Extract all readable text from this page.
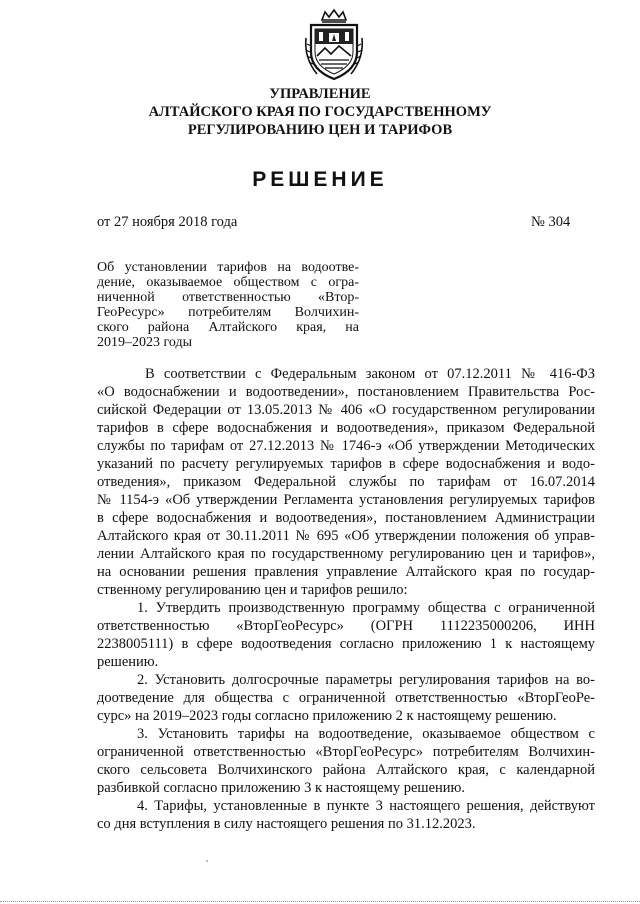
УПРАВЛЕНИЕ
АЛТАЙСКОГО КРАЯ ПО ГОСУДАРСТВЕННОМУ
РЕГУЛИРОВАНИЮ ЦЕН И ТАРИФОВ
РЕШЕНИЕ
от 27 ноября 2018 года	№ 304
Об установлении тарифов на водоотве-
дение, оказываемое обществом с огра-
ниченной ответственностью «Втор-
ГеоРесурс» потребителям Волчихин-
ского района Алтайского края, на
2019–2023 годы
В соответствии с Федеральным законом от 07.12.2011 № 416-ФЗ
«О водоснабжении и водоотведении», постановлением Правительства Рос-
сийской Федерации от 13.05.2013 № 406 «О государственном регулировании
тарифов в сфере водоснабжения и водоотведения», приказом Федеральной
службы по тарифам от 27.12.2013 № 1746-э «Об утверждении Методических
указаний по расчету регулируемых тарифов в сфере водоснабжения и водо-
отведения», приказом Федеральной службы по тарифам от 16.07.2014
№ 1154-э «Об утверждении Регламента установления регулируемых тарифов
в сфере водоснабжения и водоотведения», постановлением Администрации
Алтайского края от 30.11.2011 № 695 «Об утверждении положения об управ-
лении Алтайского края по государственному регулированию цен и тарифов»,
на основании решения правления управление Алтайского края по государ-
ственному регулированию цен и тарифов решило:
1. Утвердить производственную программу общества с ограниченной
ответственностью «ВторГеоРесурс» (ОГРН 1112235000206, ИНН
2238005111) в сфере водоотведения согласно приложению 1 к настоящему
решению.
2. Установить долгосрочные параметры регулирования тарифов на во-
доотведение для общества с ограниченной ответственностью «ВторГеоРе-
сурс» на 2019–2023 годы согласно приложению 2 к настоящему решению.
3. Установить тарифы на водоотведение, оказываемое обществом с
ограниченной ответственностью «ВторГеоРесурс» потребителям Волчихин-
ского сельсовета Волчихинского района Алтайского края, с календарной
разбивкой согласно приложению 3 к настоящему решению.
4. Тарифы, установленные в пункте 3 настоящего решения, действуют
со дня вступления в силу настоящего решения по 31.12.2023.
